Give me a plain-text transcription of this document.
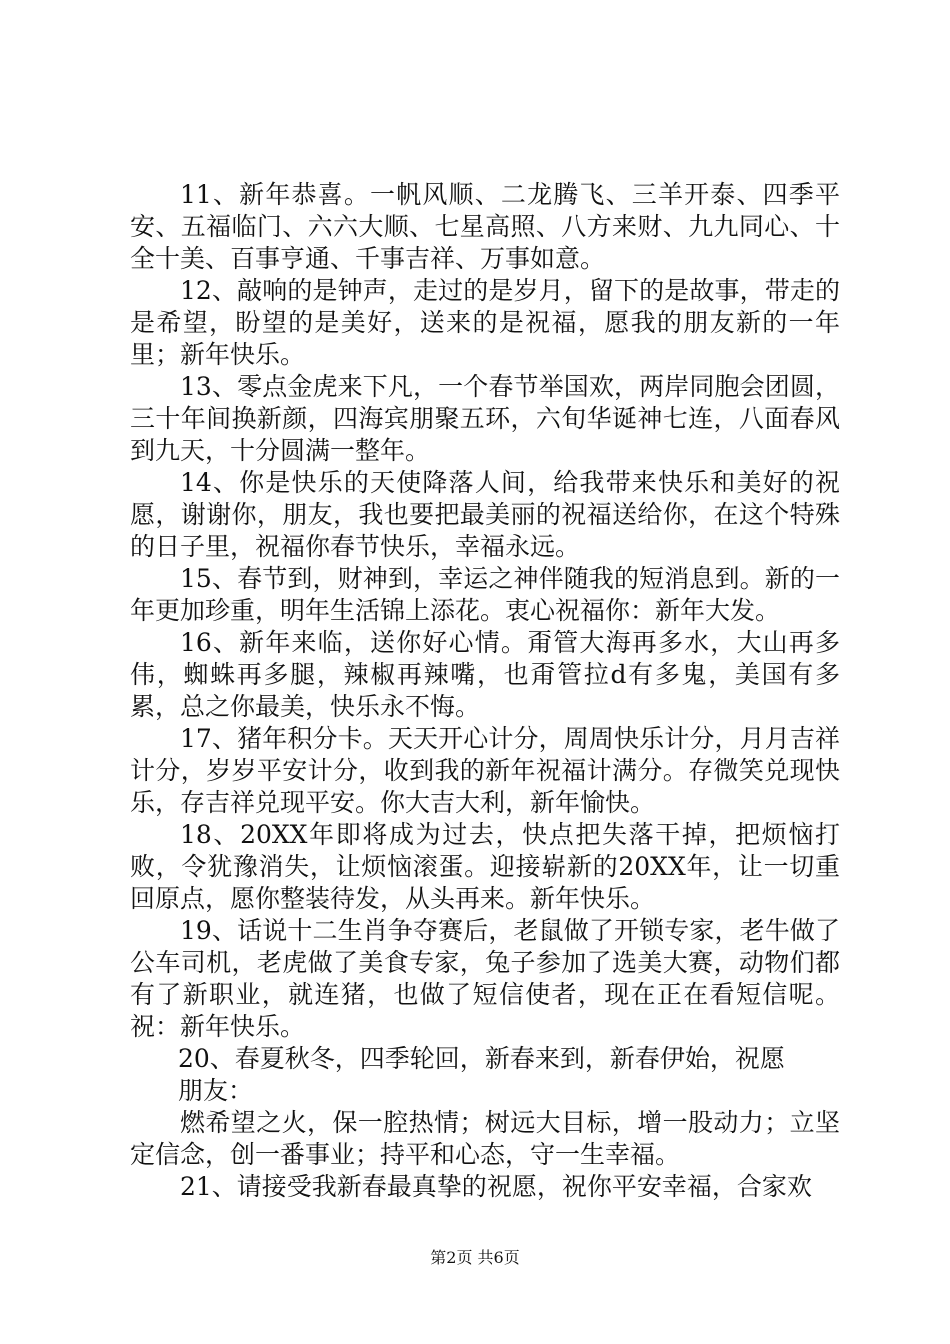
11、新年恭喜。一帆风顺、二龙腾飞、三羊开泰、四季平安、五福临门、六六大顺、七星高照、八方来财、九九同心、十全十美、百事亨通、千事吉祥、万事如意。

12、敲响的是钟声，走过的是岁月，留下的是故事，带走的是希望，盼望的是美好，送来的是祝福，愿我的朋友新的一年里；新年快乐。

13、零点金虎来下凡，一个春节举国欢，两岸同胞会团圆，三十年间换新颜，四海宾朋聚五环，六旬华诞神七连，八面春风到九天，十分圆满一整年。

14、你是快乐的天使降落人间，给我带来快乐和美好的祝愿，谢谢你，朋友，我也要把最美丽的祝福送给你，在这个特殊的日子里，祝福你春节快乐，幸福永远。

15、春节到，财神到，幸运之神伴随我的短消息到。新的一年更加珍重，明年生活锦上添花。衷心祝福你：新年大发。

16、新年来临，送你好心情。甭管大海再多水，大山再多伟，蜘蛛再多腿，辣椒再辣嘴，也甭管拉d有多鬼，美国有多累，总之你最美，快乐永不悔。

17、猪年积分卡。天天开心计分，周周快乐计分，月月吉祥计分，岁岁平安计分，收到我的新年祝福计满分。存微笑兑现快乐，存吉祥兑现平安。你大吉大利，新年愉快。

18、20XX年即将成为过去，快点把失落干掉，把烦恼打败，令犹豫消失，让烦恼滚蛋。迎接崭新的20XX年，让一切重回原点，愿你整装待发，从头再来。新年快乐。

19、话说十二生肖争夺赛后，老鼠做了开锁专家，老牛做了公车司机，老虎做了美食专家，兔子参加了选美大赛，动物们都有了新职业，就连猪，也做了短信使者，现在正在看短信呢。祝：新年快乐。

20、春夏秋冬，四季轮回，新春来到，新春伊始，祝愿

朋友：

燃希望之火，保一腔热情；树远大目标，增一股动力；立坚定信念，创一番事业；持平和心态，守一生幸福。

21、请接受我新春最真挚的祝愿，祝你平安幸福，合家欢

第2页 共6页
